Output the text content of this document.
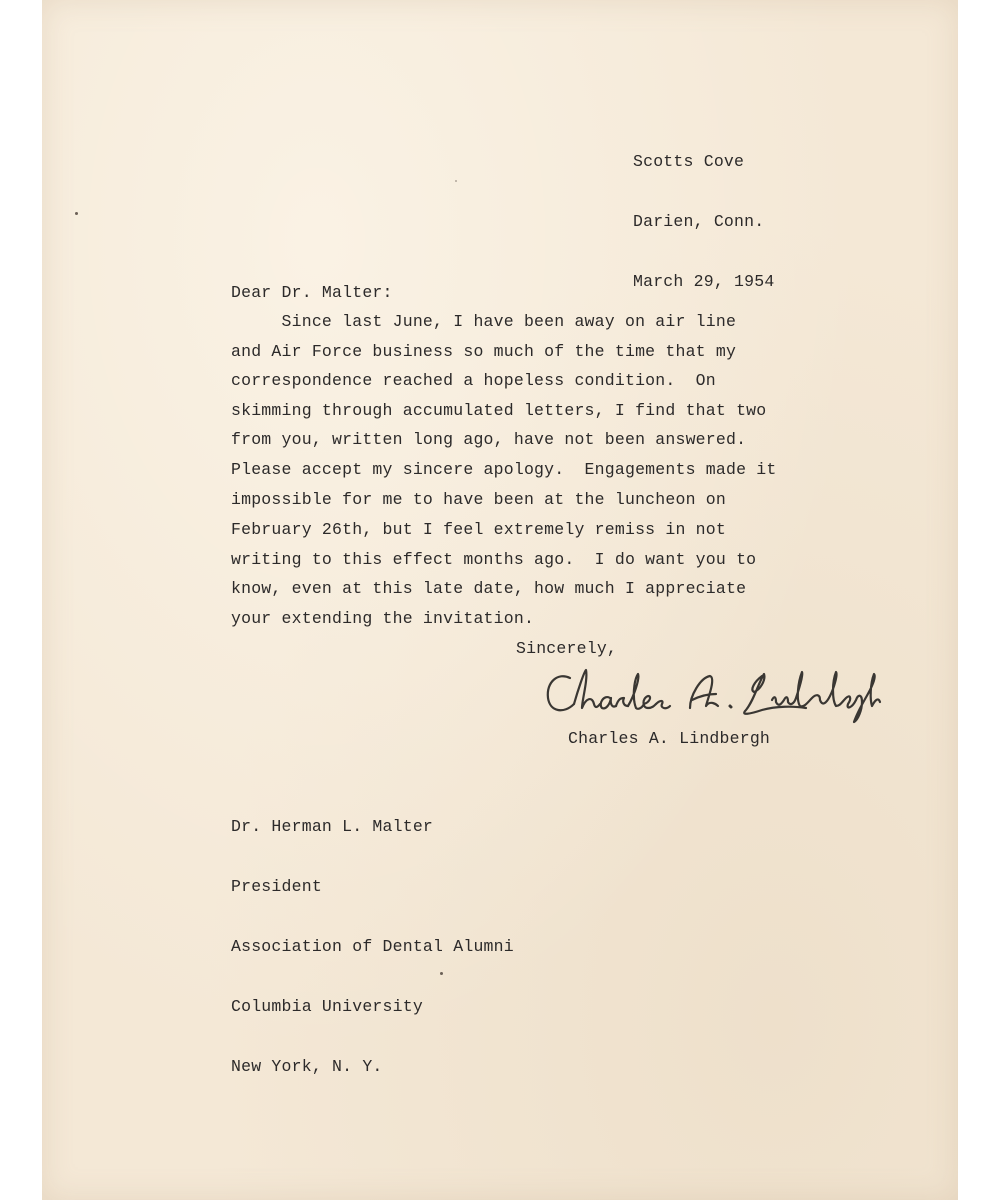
Scotts Cove

Darien, Conn.

March 29, 1954

Dear Dr. Malter:
Since last June, I have been away on air line
and Air Force business so much of the time that my
correspondence reached a hopeless condition.  On
skimming through accumulated letters, I find that two
from you, written long ago, have not been answered.
Please accept my sincere apology.  Engagements made it
impossible for me to have been at the luncheon on
February 26th, but I feel extremely remiss in not
writing to this effect months ago.  I do want you to
know, even at this late date, how much I appreciate
your extending the invitation.
Sincerely,
Charles A. Lindbergh

Dr. Herman L. Malter

President

Association of Dental Alumni

Columbia University

New York, N. Y.
